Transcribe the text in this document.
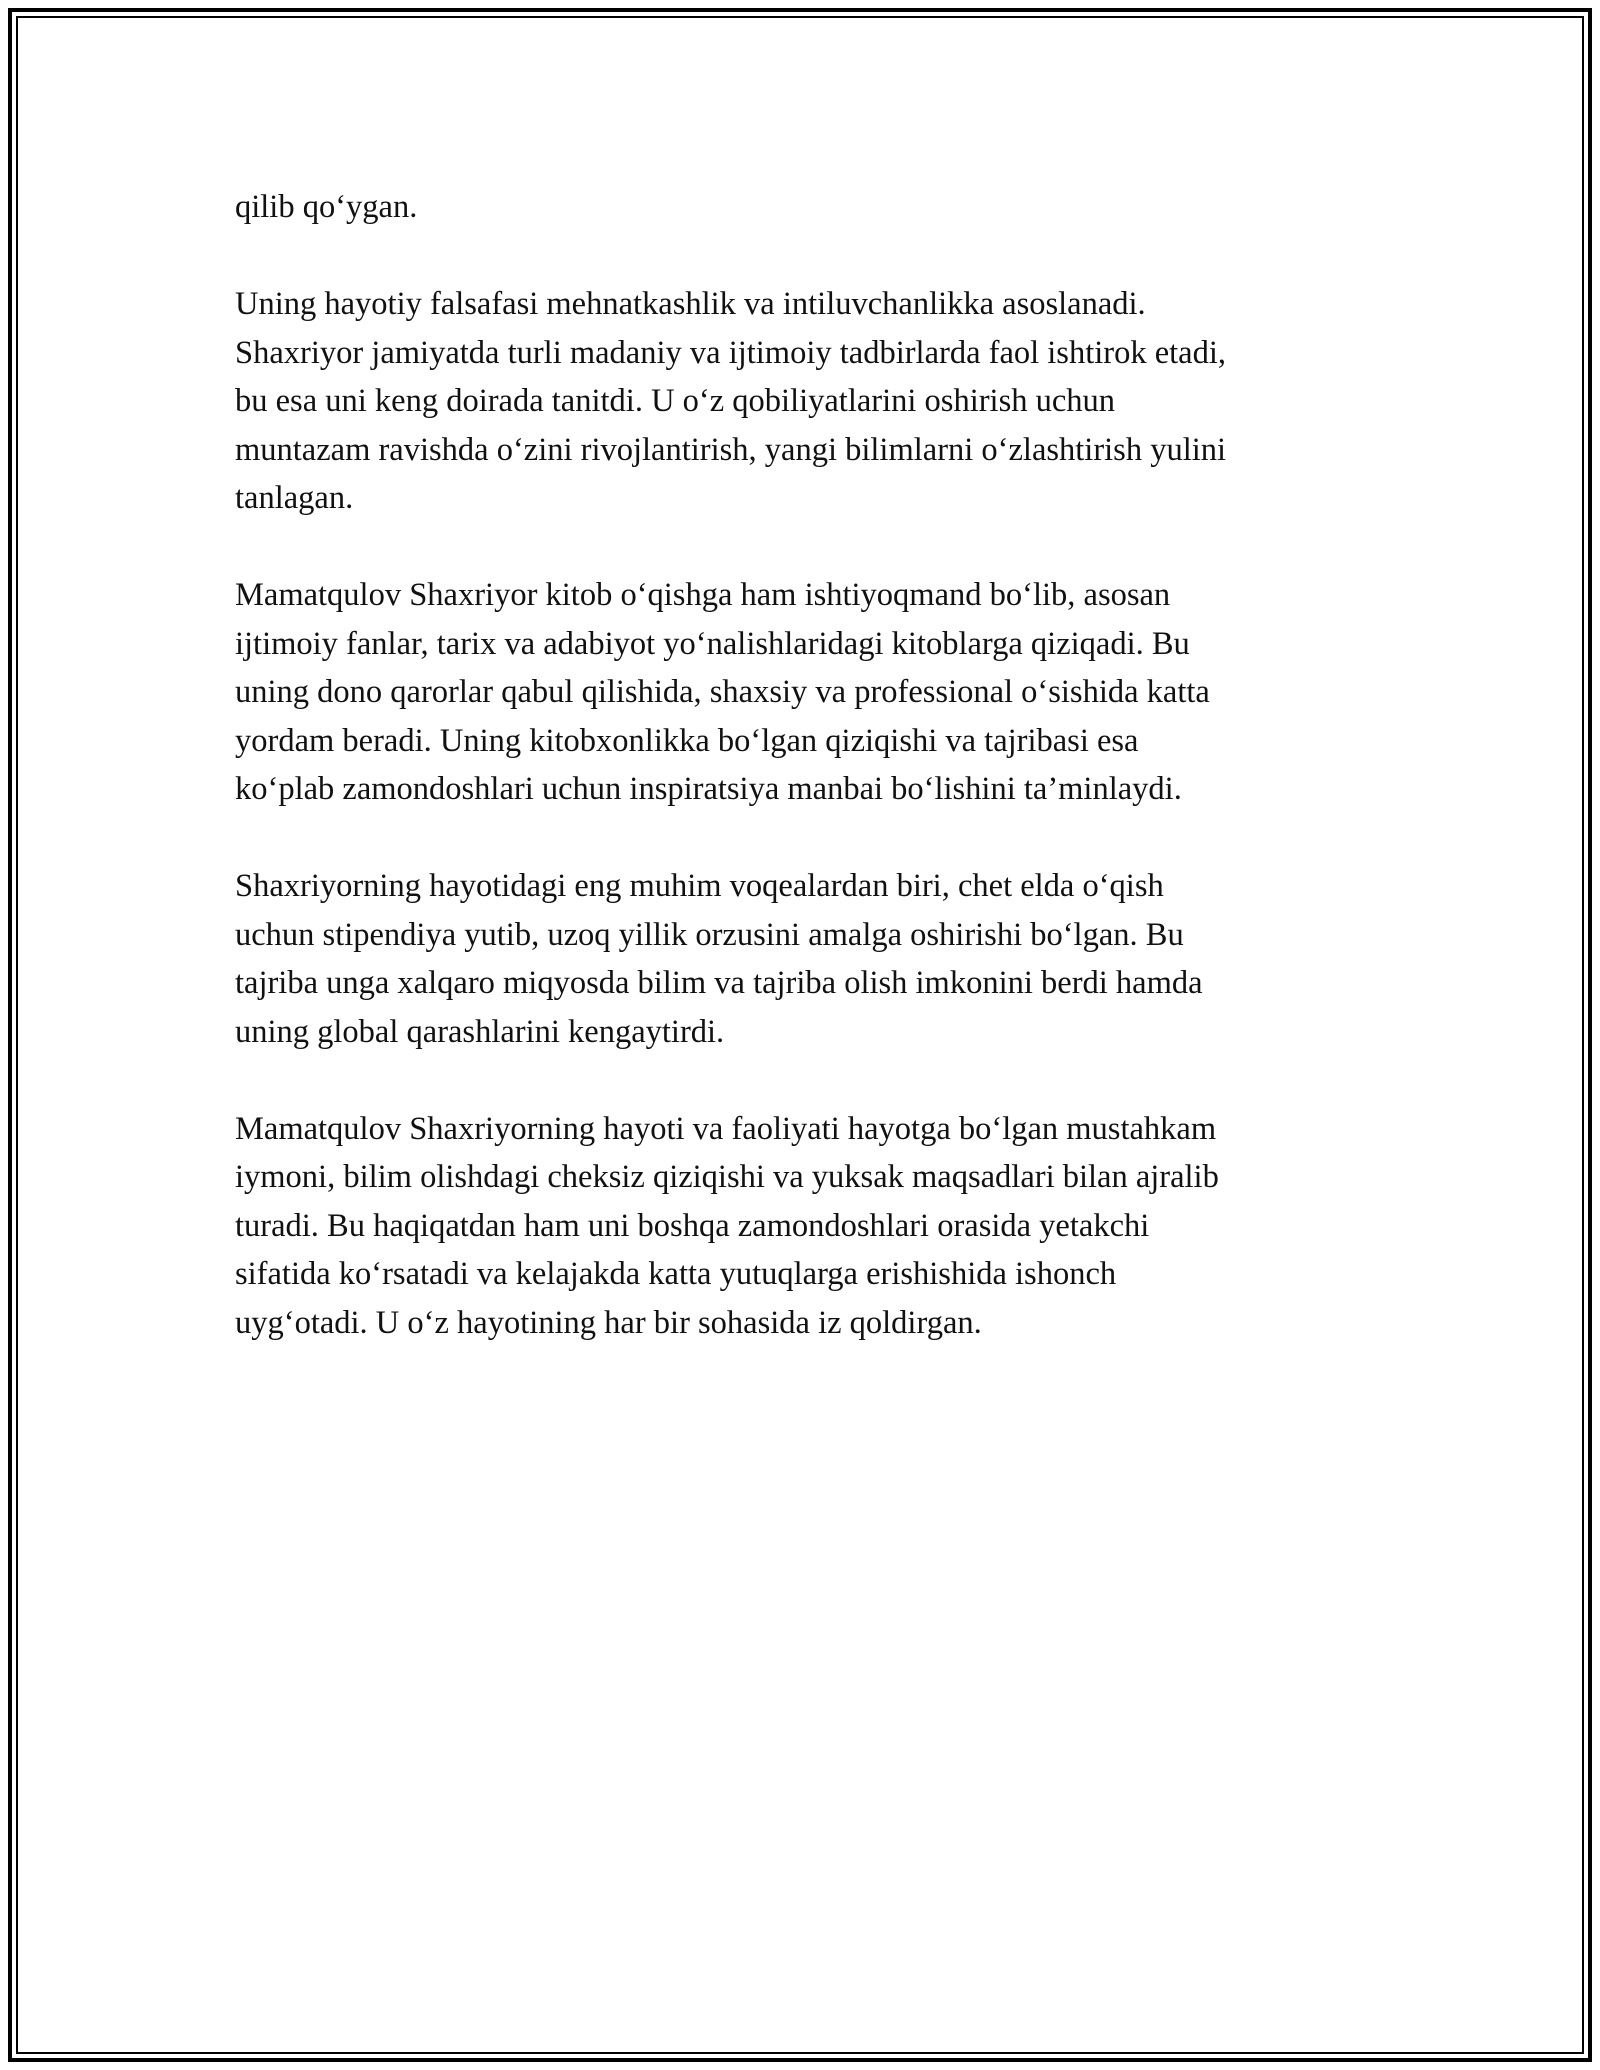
qilib qo‘ygan.

Uning hayotiy falsafasi mehnatkashlik va intiluvchanlikka asoslanadi.
Shaxriyor jamiyatda turli madaniy va ijtimoiy tadbirlarda faol ishtirok etadi,
bu esa uni keng doirada tanitdi. U o‘z qobiliyatlarini oshirish uchun
muntazam ravishda o‘zini rivojlantirish, yangi bilimlarni o‘zlashtirish yulini
tanlagan.

Mamatqulov Shaxriyor kitob o‘qishga ham ishtiyoqmand bo‘lib, asosan
ijtimoiy fanlar, tarix va adabiyot yo‘nalishlaridagi kitoblarga qiziqadi. Bu
uning dono qarorlar qabul qilishida, shaxsiy va professional o‘sishida katta
yordam beradi. Uning kitobxonlikka bo‘lgan qiziqishi va tajribasi esa
ko‘plab zamondoshlari uchun inspiratsiya manbai bo‘lishini ta’minlaydi.

Shaxriyorning hayotidagi eng muhim voqealardan biri, chet elda o‘qish
uchun stipendiya yutib, uzoq yillik orzusini amalga oshirishi bo‘lgan. Bu
tajriba unga xalqaro miqyosda bilim va tajriba olish imkonini berdi hamda
uning global qarashlarini kengaytirdi.

Mamatqulov Shaxriyorning hayoti va faoliyati hayotga bo‘lgan mustahkam
iymoni, bilim olishdagi cheksiz qiziqishi va yuksak maqsadlari bilan ajralib
turadi. Bu haqiqatdan ham uni boshqa zamondoshlari orasida yetakchi
sifatida ko‘rsatadi va kelajakda katta yutuqlarga erishishida ishonch
uyg‘otadi. U o‘z hayotining har bir sohasida iz qoldirgan.
